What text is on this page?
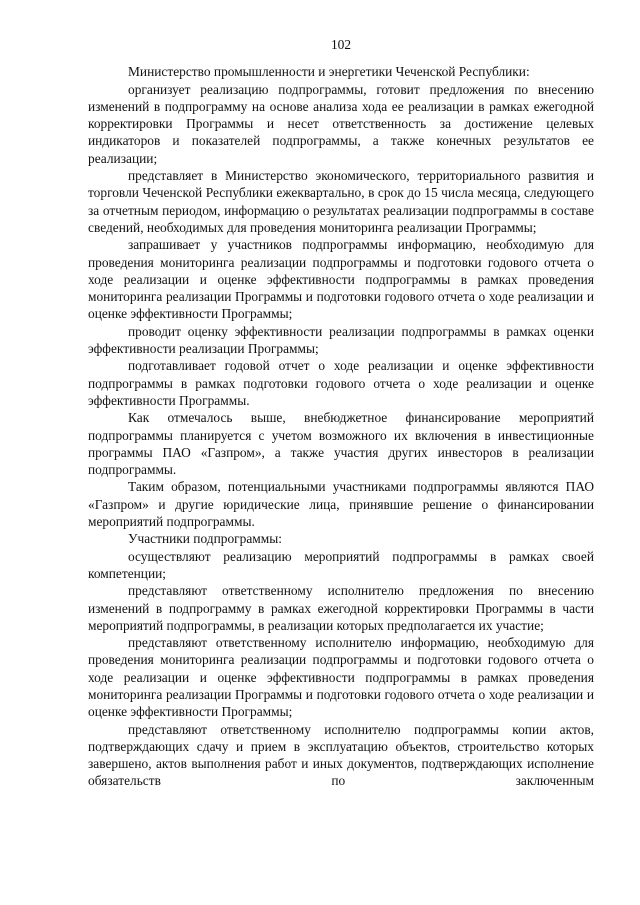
102

Министерство промышленности и энергетики Чеченской Республики:

организует реализацию подпрограммы, готовит предложения по внесению изменений в подпрограмму на основе анализа хода ее реализации в рамках ежегодной корректировки Программы и несет ответственность за достижение целевых индикаторов и показателей подпрограммы, а также конечных результатов ее реализации;

представляет в Министерство экономического, территориального развития и торговли Чеченской Республики ежеквартально, в срок до 15 числа месяца, следующего за отчетным периодом, информацию о результатах реализации подпрограммы в составе сведений, необходимых для проведения мониторинга реализации Программы;

запрашивает у участников подпрограммы информацию, необходимую для проведения мониторинга реализации подпрограммы и подготовки годового отчета о ходе реализации и оценке эффективности подпрограммы в рамках проведения мониторинга реализации Программы и подготовки годового отчета о ходе реализации и оценке эффективности Программы;

проводит оценку эффективности реализации подпрограммы в рамках оценки эффективности реализации Программы;

подготавливает годовой отчет о ходе реализации и оценке эффективности подпрограммы в рамках подготовки годового отчета о ходе реализации и оценке эффективности Программы.

Как отмечалось выше, внебюджетное финансирование мероприятий подпрограммы планируется с учетом возможного их включения в инвестиционные программы ПАО «Газпром», а также участия других инвесторов в реализации подпрограммы.

Таким образом, потенциальными участниками подпрограммы являются ПАО «Газпром» и другие юридические лица, принявшие решение о финансировании мероприятий подпрограммы.

Участники подпрограммы:

осуществляют реализацию мероприятий подпрограммы в рамках своей компетенции;

представляют ответственному исполнителю предложения по внесению изменений в подпрограмму в рамках ежегодной корректировки Программы в части мероприятий подпрограммы, в реализации которых предполагается их участие;

представляют ответственному исполнителю информацию, необходимую для проведения мониторинга реализации подпрограммы и подготовки годового отчета о ходе реализации и оценке эффективности подпрограммы в рамках проведения мониторинга реализации Программы и подготовки годового отчета о ходе реализации и оценке эффективности Программы;

представляют ответственному исполнителю подпрограммы копии актов, подтверждающих сдачу и прием в эксплуатацию объектов, строительство которых завершено, актов выполнения работ и иных документов, подтверждающих исполнение обязательств по заключенным
